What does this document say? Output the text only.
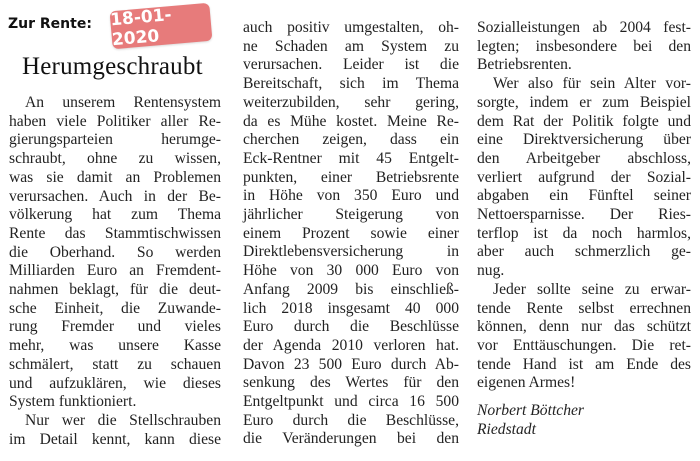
Zur Rente: 18-01-2020
Herumgeschraubt
An unserem Rentensystem
haben viele Politiker aller Re-
gierungsparteien herumge-
schraubt, ohne zu wissen,
was sie damit an Problemen
verursachen. Auch in der Be-
völkerung hat zum Thema
Rente das Stammtischwissen
die Oberhand. So werden
Milliarden Euro an Fremdent-
nahmen beklagt, für die deut-
sche Einheit, die Zuwande-
rung Fremder und vieles
mehr, was unsere Kasse
schmälert, statt zu schauen
und aufzuklären, wie dieses
System funktioniert.
Nur wer die Stellschrauben
im Detail kennt, kann diese
auch positiv umgestalten, oh-
ne Schaden am System zu
verursachen. Leider ist die
Bereitschaft, sich im Thema
weiterzubilden, sehr gering,
da es Mühe kostet. Meine Re-
cherchen zeigen, dass ein
Eck-Rentner mit 45 Entgelt-
punkten, einer Betriebsrente
in Höhe von 350 Euro und
jährlicher Steigerung von
einem Prozent sowie einer
Direktlebensversicherung in
Höhe von 30 000 Euro von
Anfang 2009 bis einschließ-
lich 2018 insgesamt 40 000
Euro durch die Beschlüsse
der Agenda 2010 verloren hat.
Davon 23 500 Euro durch Ab-
senkung des Wertes für den
Entgeltpunkt und circa 16 500
Euro durch die Beschlüsse,
die Veränderungen bei den
Sozialleistungen ab 2004 fest-
legten; insbesondere bei den
Betriebsrenten.
Wer also für sein Alter vor-
sorgte, indem er zum Beispiel
dem Rat der Politik folgte und
eine Direktversicherung über
den Arbeitgeber abschloss,
verliert aufgrund der Sozial-
abgaben ein Fünftel seiner
Nettoersparnisse. Der Ries-
terflop ist da noch harmlos,
aber auch schmerzlich ge-
nug.
Jeder sollte seine zu erwar-
tende Rente selbst errechnen
können, denn nur das schützt
vor Enttäuschungen. Die ret-
tende Hand ist am Ende des
eigenen Armes!
Norbert Böttcher
Riedstadt
